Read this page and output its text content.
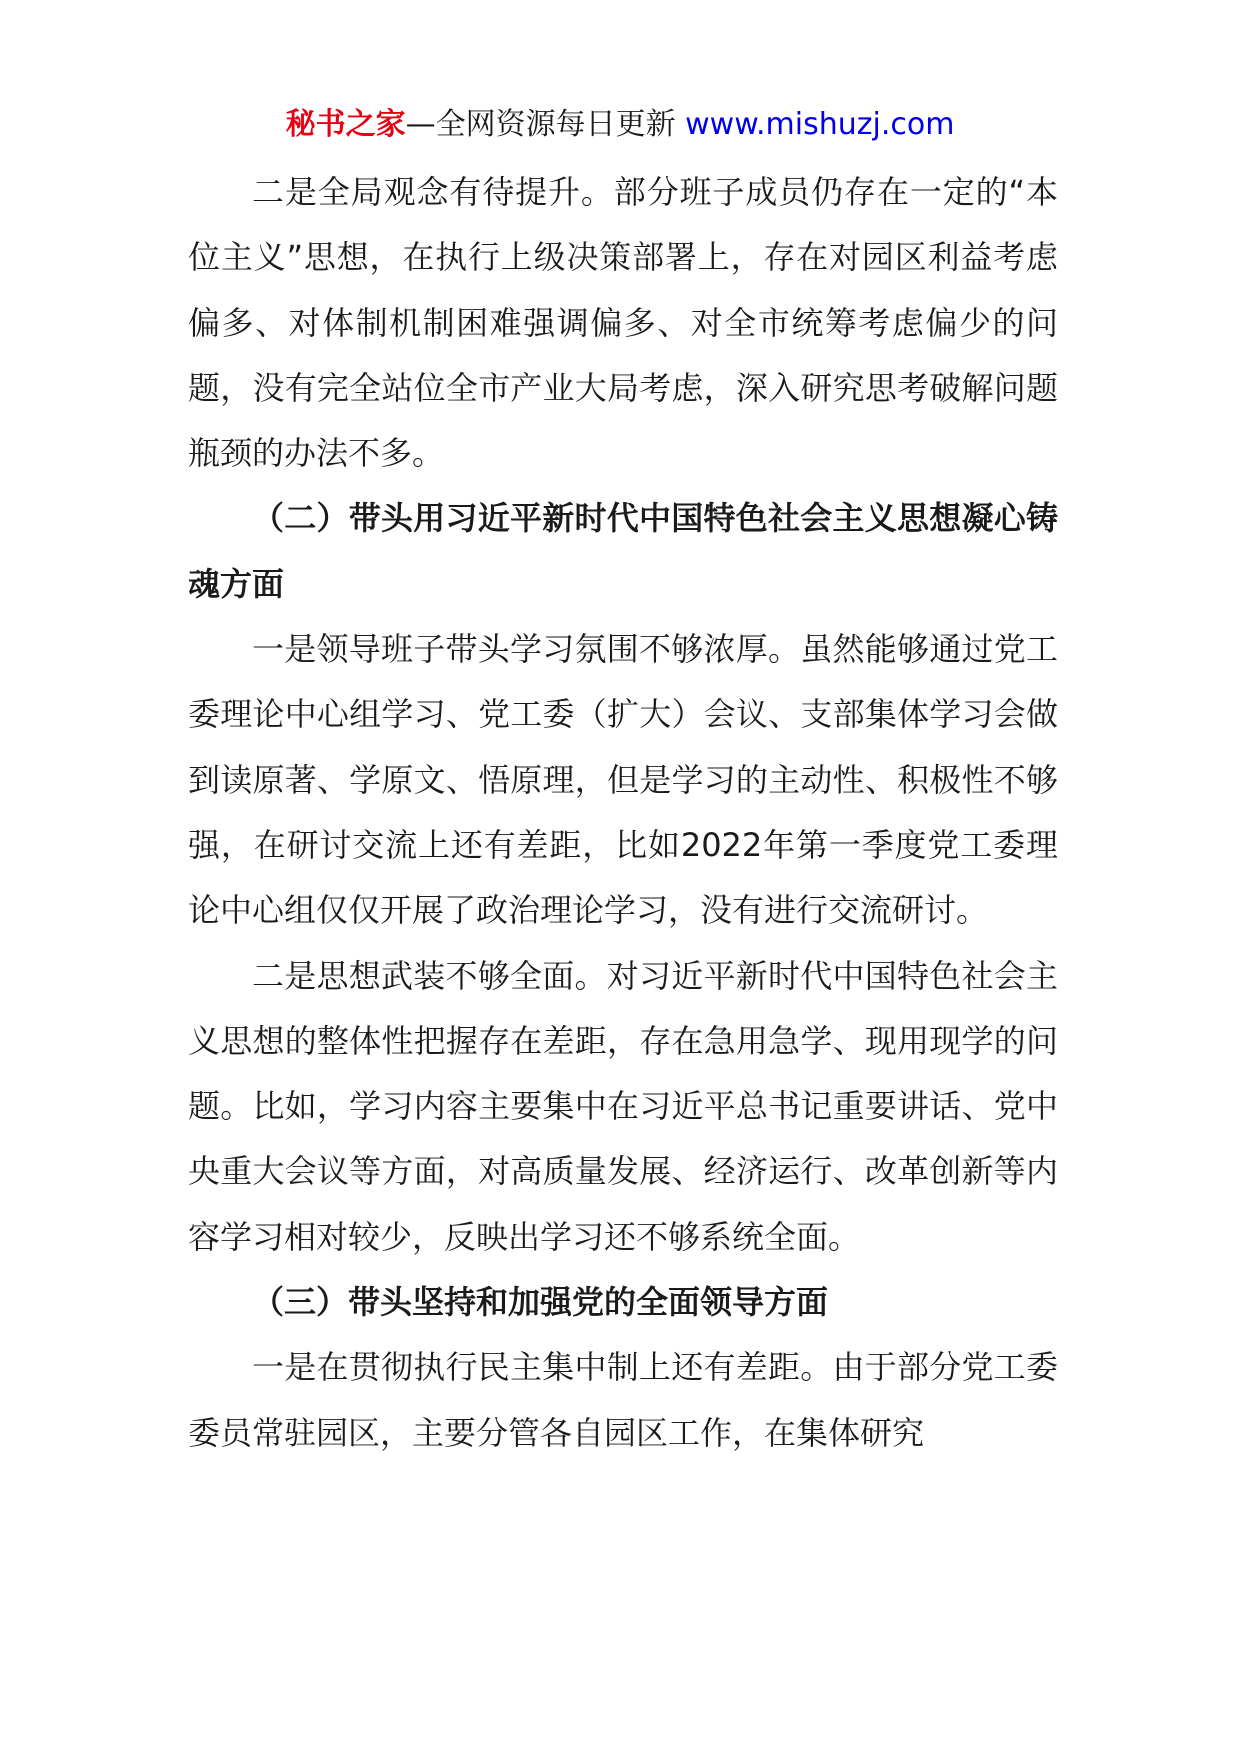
秘书之家—全网资源每日更新 www.mishuzj.com

二是全局观念有待提升。部分班子成员仍存在一定的“本位主义”思想，在执行上级决策部署上，存在对园区利益考虑偏多、对体制机制困难强调偏多、对全市统筹考虑偏少的问题，没有完全站位全市产业大局考虑，深入研究思考破解问题瓶颈的办法不多。

（二）带头用习近平新时代中国特色社会主义思想凝心铸魂方面

一是领导班子带头学习氛围不够浓厚。虽然能够通过党工委理论中心组学习、党工委（扩大）会议、支部集体学习会做到读原著、学原文、悟原理，但是学习的主动性、积极性不够强，在研讨交流上还有差距，比如2022年第一季度党工委理论中心组仅仅开展了政治理论学习，没有进行交流研讨。

二是思想武装不够全面。对习近平新时代中国特色社会主义思想的整体性把握存在差距，存在急用急学、现用现学的问题。比如，学习内容主要集中在习近平总书记重要讲话、党中央重大会议等方面，对高质量发展、经济运行、改革创新等内容学习相对较少，反映出学习还不够系统全面。

（三）带头坚持和加强党的全面领导方面

一是在贯彻执行民主集中制上还有差距。由于部分党工委委员常驻园区，主要分管各自园区工作，在集体研究
